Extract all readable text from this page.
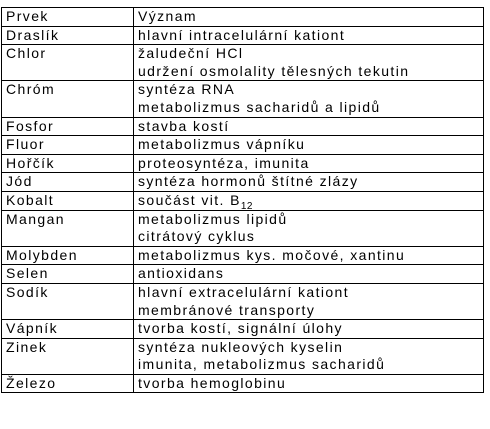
Prvek	Význam
Draslík	hlavní intracelulární kationt

Chlor	žaludeční HCl
udržení osmolality tělesných tekutin

Chróm	syntéza RNA
metabolizmus sacharidů a lipidů

Fosfor	stavba kostí

Fluor	metabolizmus vápníku

Hořčík	proteosyntéza, imunita

Jód	syntéza hormonů štítné zlázy

Kobalt	součást vit. $B_{12}$

Mangan	metabolizmus lipidů
citrátový cyklus

Molybden	metabolizmus kys. močové, xantinu

Selen	antioxidans

Sodík	hlavní extracelulární kationt
membránové transporty

Vápník	tvorba kostí, signální úlohy

Zinek	syntéza nukleových kyselin
imunita, metabolizmus sacharidů

Železo	tvorba hemoglobinu
